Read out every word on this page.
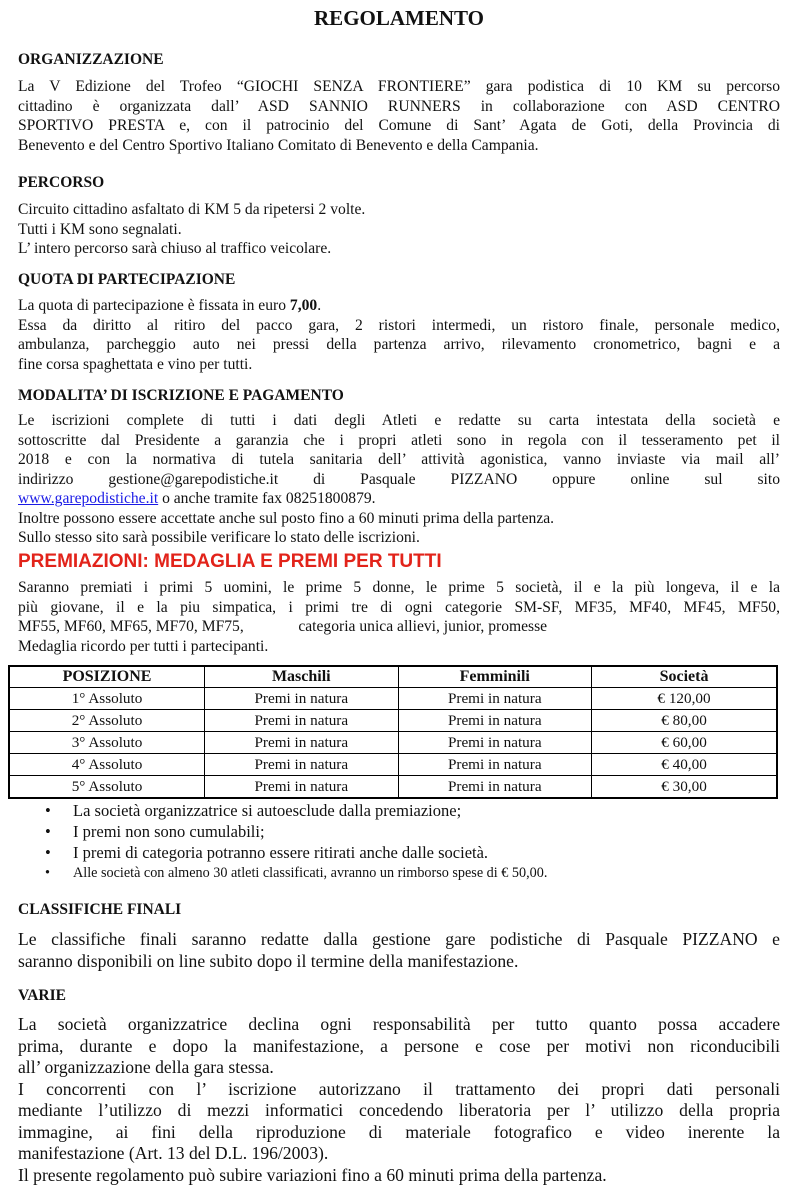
REGOLAMENTO
ORGANIZZAZIONE

La V Edizione del Trofeo “GIOCHI SENZA FRONTIERE” gara podistica di 10 KM su percorso
cittadino è organizzata dall’ ASD SANNIO RUNNERS in collaborazione con ASD CENTRO
SPORTIVO PRESTA e, con il patrocinio del Comune di Sant’ Agata de Goti, della Provincia di
Benevento e del Centro Sportivo Italiano Comitato di Benevento e della Campania.

PERCORSO

Circuito cittadino asfaltato di KM 5 da ripetersi 2 volte.
Tutti i KM sono segnalati.
L’ intero percorso sarà chiuso al traffico veicolare.

QUOTA DI PARTECIPAZIONE

La quota di partecipazione è fissata in euro 7,00.
Essa da diritto al ritiro del pacco gara, 2 ristori intermedi, un ristoro finale, personale medico,
ambulanza, parcheggio auto nei pressi della partenza arrivo, rilevamento cronometrico, bagni e a
fine corsa spaghettata e vino per tutti.

MODALITA’ DI ISCRIZIONE E PAGAMENTO

Le iscrizioni complete di tutti i dati degli Atleti e redatte su carta intestata della società e
sottoscritte dal Presidente a garanzia che i propri atleti sono in regola con il tesseramento pet il
2018 e con la normativa di tutela sanitaria dell’ attività agonistica, vanno inviaste via mail all’
indirizzo gestione@garepodistiche.it di Pasquale PIZZANO oppure online sul sito
www.garepodistiche.it o anche tramite fax 08251800879.
Inoltre possono essere accettate anche sul posto fino a 60 minuti prima della partenza.
Sullo stesso sito sarà possibile verificare lo stato delle iscrizioni.

PREMIAZIONI: MEDAGLIA E PREMI PER TUTTI

Saranno premiati i primi 5 uomini, le prime 5 donne, le prime 5 società, il e la più longeva, il e la
più giovane, il e la piu simpatica, i primi tre di ogni categorie SM-SF, MF35, MF40, MF45, MF50,
MF55, MF60, MF65, MF70, MF75,              categoria unica allievi, junior, promesse
Medaglia ricordo per tutti i partecipanti.

POSIZIONE	Maschili	Femminili	Società
1° Assoluto	Premi in natura	Premi in natura	€ 120,00
2° Assoluto	Premi in natura	Premi in natura	€ 80,00
3° Assoluto	Premi in natura	Premi in natura	€ 60,00
4° Assoluto	Premi in natura	Premi in natura	€ 40,00
5° Assoluto	Premi in natura	Premi in natura	€ 30,00
• La società organizzatrice si autoesclude dalla premiazione;
• I premi non sono cumulabili;
• I premi di categoria potranno essere ritirati anche dalle società.
• Alle società con almeno 30 atleti classificati, avranno un rimborso spese di € 50,00.
CLASSIFICHE FINALI

Le classifiche finali saranno redatte dalla gestione gare podistiche di Pasquale PIZZANO e
saranno disponibili on line subito dopo il termine della manifestazione.

VARIE

La società organizzatrice declina ogni responsabilità per tutto quanto possa accadere
prima, durante e dopo la manifestazione, a persone e cose per motivi non riconducibili
all’ organizzazione della gara stessa.
I concorrenti con l’ iscrizione autorizzano il trattamento dei propri dati personali
mediante l’utilizzo di mezzi informatici concedendo liberatoria per l’ utilizzo della propria
immagine, ai fini della riproduzione di materiale fotografico e video inerente la
manifestazione (Art. 13 del D.L. 196/2003).
Il presente regolamento può subire variazioni fino a 60 minuti prima della partenza.
